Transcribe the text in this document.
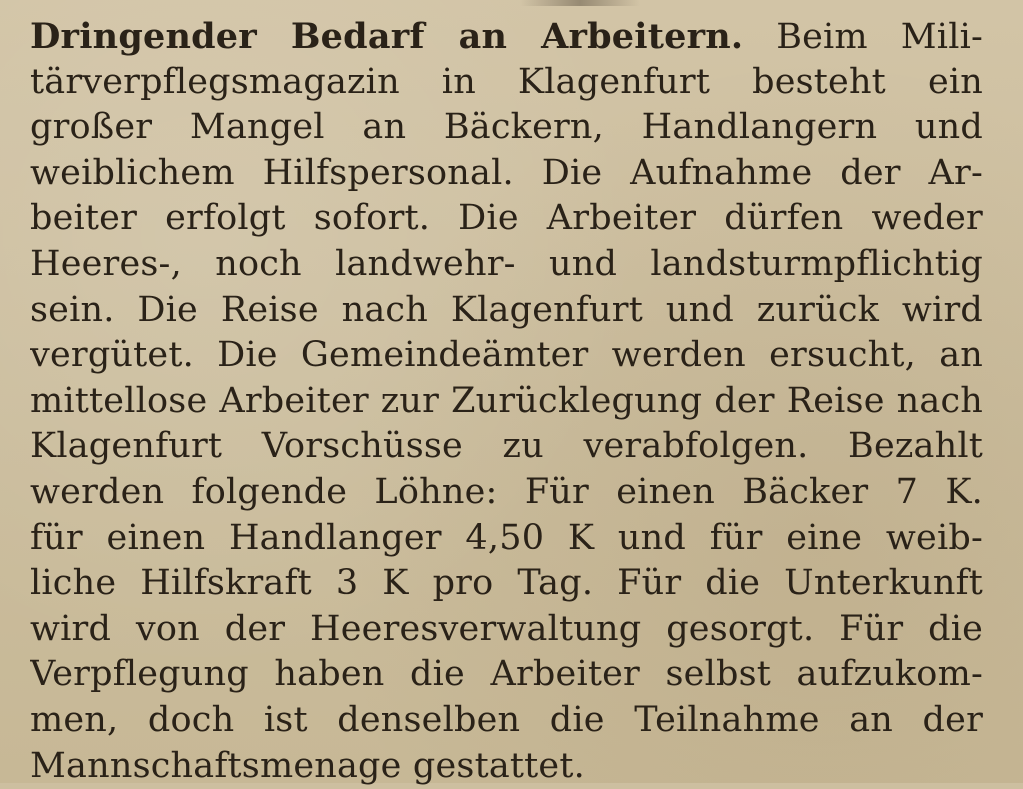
Dringender Bedarf an Arbeitern. Beim Mili-
tärverpflegsmagazin in Klagenfurt besteht ein
großer Mangel an Bäckern, Handlangern und
weiblichem Hilfspersonal. Die Aufnahme der Ar-
beiter erfolgt sofort. Die Arbeiter dürfen weder
Heeres-, noch landwehr- und landsturmpflichtig
sein. Die Reise nach Klagenfurt und zurück wird
vergütet. Die Gemeindeämter werden ersucht, an
mittellose Arbeiter zur Zurücklegung der Reise nach
Klagenfurt Vorschüsse zu verabfolgen. Bezahlt
werden folgende Löhne: Für einen Bäcker 7 K.
für einen Handlanger 4,50 K und für eine weib-
liche Hilfskraft 3 K pro Tag. Für die Unterkunft
wird von der Heeresverwaltung gesorgt. Für die
Verpflegung haben die Arbeiter selbst aufzukom-
men, doch ist denselben die Teilnahme an der
Mannschaftsmenage gestattet.
